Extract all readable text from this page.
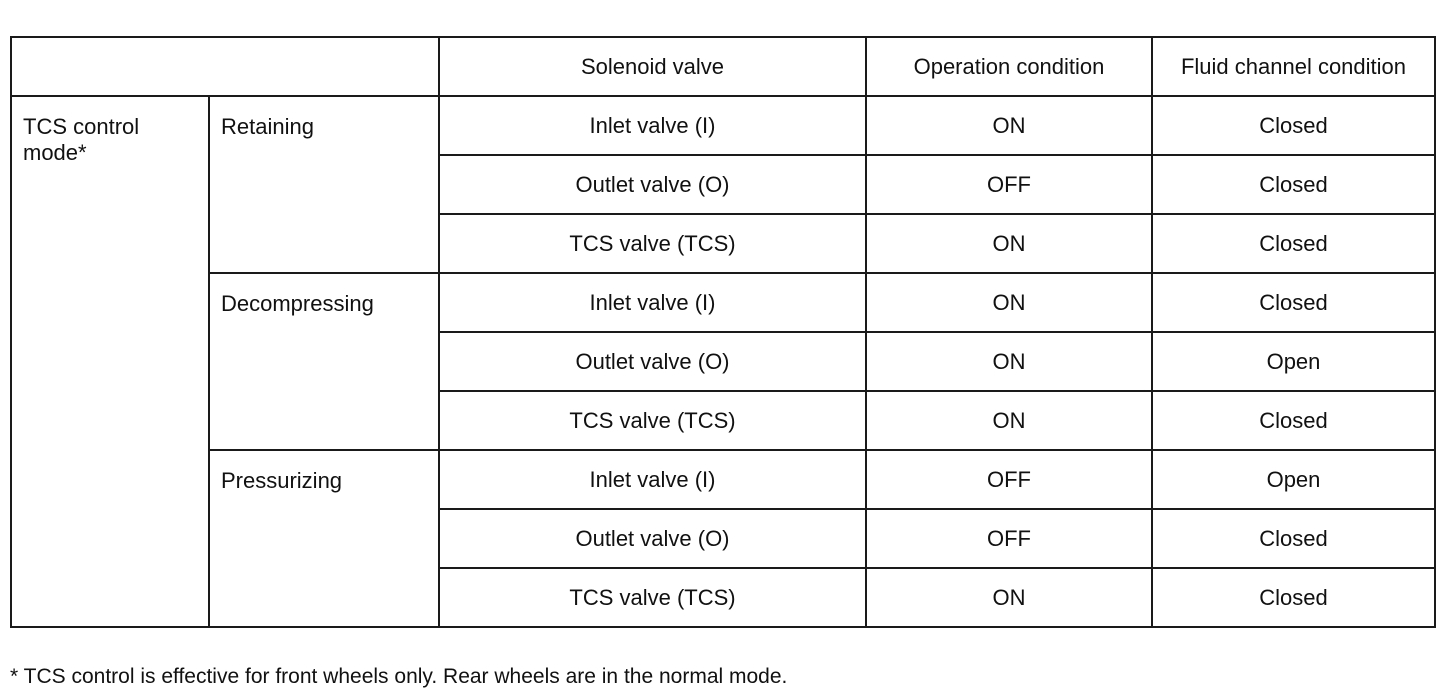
		Solenoid valve	Operation condition	Fluid channel condition

TCS control mode*	Retaining	Inlet valve (I)	ON	Closed
		Outlet valve (O)	OFF	Closed
		TCS valve (TCS)	ON	Closed
	Decompressing	Inlet valve (I)	ON	Closed
		Outlet valve (O)	ON	Open
		TCS valve (TCS)	ON	Closed
	Pressurizing	Inlet valve (I)	OFF	Open
		Outlet valve (O)	OFF	Closed
		TCS valve (TCS)	ON	Closed
* TCS control is effective for front wheels only. Rear wheels are in the normal mode.
